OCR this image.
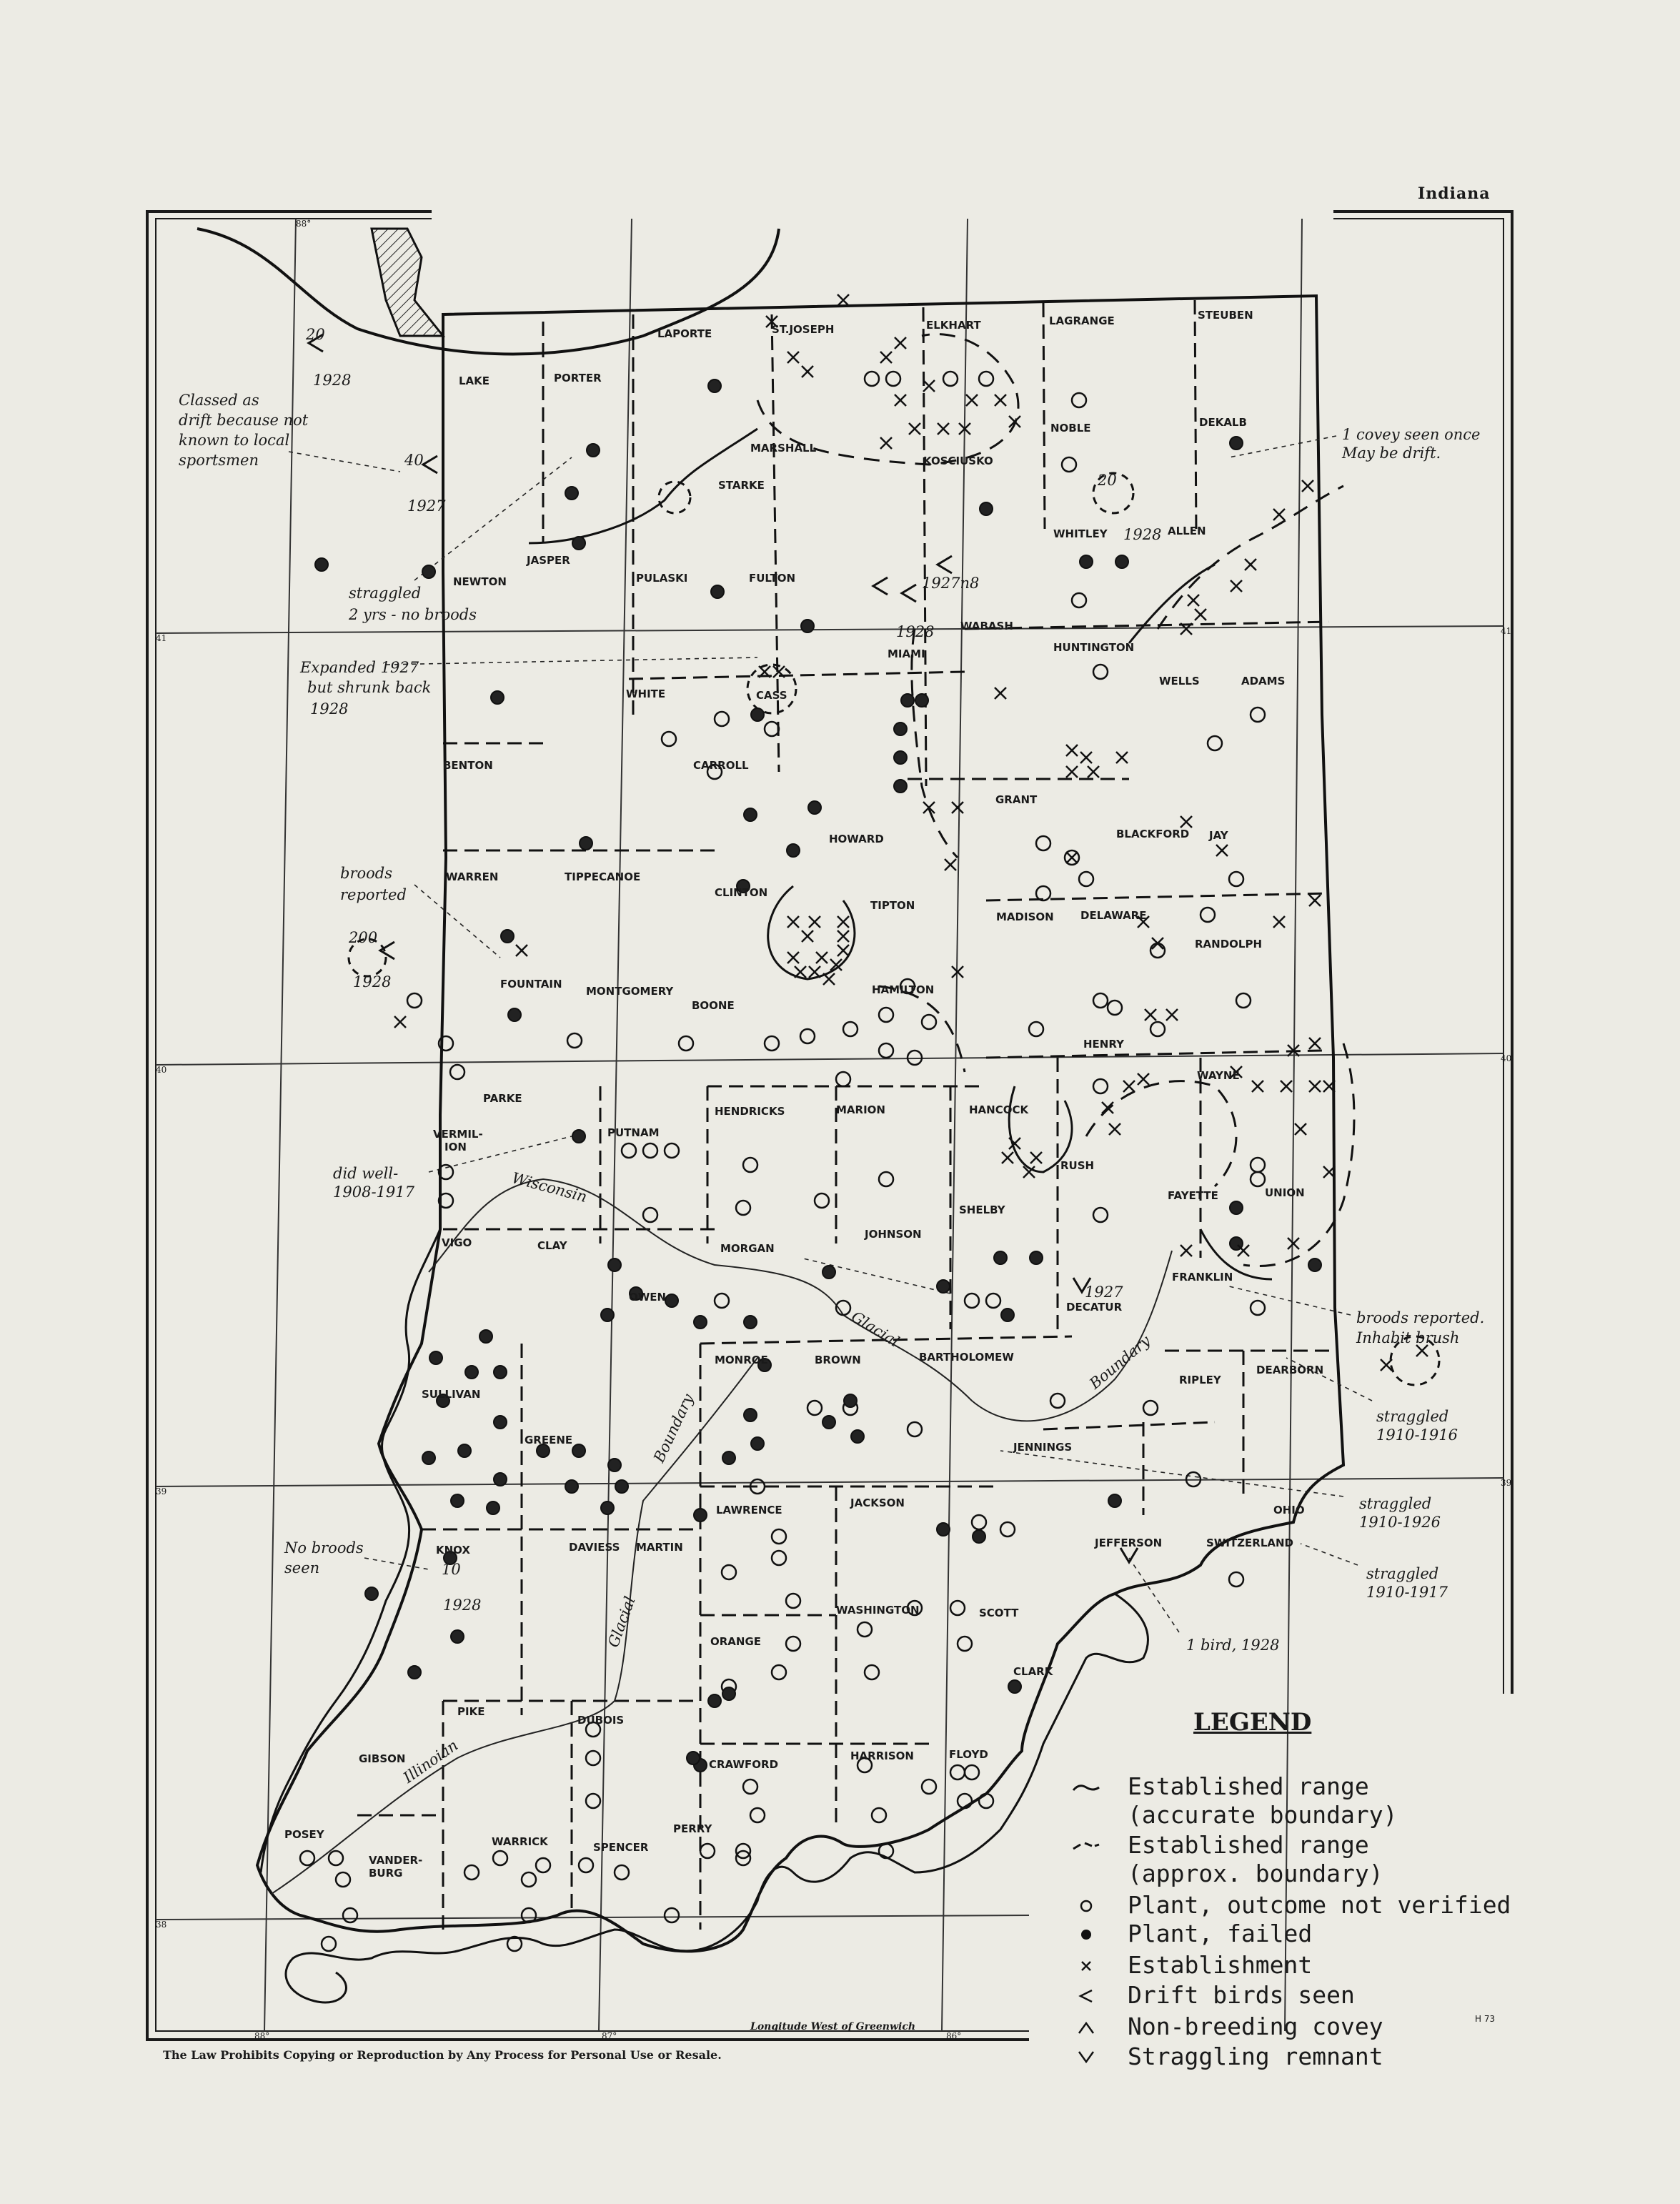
Indiana
LAPORTE	ST.JOSEPH	ELKHART	LAGRANGE	STEUBEN
LAKE	PORTER
NOBLE	DEKALB
MARSHALL
KOSCIUSKO
STARKE
WHITLEY	ALLEN
JASPER
NEWTON	PULASKI	FULTON
WABASH
HUNTINGTON
MIAMI
WELLS	ADAMS
WHITE	CASS
BENTON	CARROLL
GRANT
HOWARD	BLACKFORD JAY
TIPPECANOE
WARREN
CLINTON
TIPTON
MADISON DELAWARE
RANDOLPH
FOUNTAIN
MONTGOMERY	HAMILTON
BOONE
HENRY
PARKE
WAYNE
HENDRICKS	MARION	HANCOCK
PUTNAM
VERMIL-
ION
RUSH
FAYETTE	UNION
SHELBY
JOHNSON
VIGO	CLAY	MORGAN
FRANKLIN
OWEN
DECATUR
MONROE	BROWN	BARTHOLOMEW
DEARBORN
RIPLEY
SULLIVAN
GREENE
JENNINGS
JACKSON
OHIO
LAWRENCE
KNOX	DAVIESS MARTIN	JEFFERSON	SWITZERLAND
WASHINGTON	SCOTT
ORANGE
CLARK
PIKE
DUBOIS
GIBSON	HARRISON	FLOYD
CRAWFORD
POSEY	PERRY
WARRICK	SPENCER
VANDER-
BURG
Classed as
drift because not
known to local
sportsmen
20
1928
40
1927
straggled
2 yrs - no broods
Expanded 1927
but shrunk back
1928
broods
reported
200
1928
did well-
1908-1917
No broods
seen	10
1928
1 covey seen once
May be drift.
20
1928
1927n8
1928
1927
broods reported.
Inhabit brush
straggled
1910-1916
straggled
1910-1926
straggled
1910-1917
1 bird, 1928
Wisconsin
Glacial
Boundary
Boundary
Glacial
Illinoian
88°
87°	86°
88°
41
41
40
40
39
39
38
Longitude West of Greenwich
H 73
The Law Prohibits Copying or Reproduction by Any Process for Personal Use or Resale.
LEGEND
Established range
(accurate boundary)
Established range
(approx. boundary)
Plant, outcome not verified
Plant, failed
Establishment
Drift birds seen
Non-breeding covey
Straggling remnant
